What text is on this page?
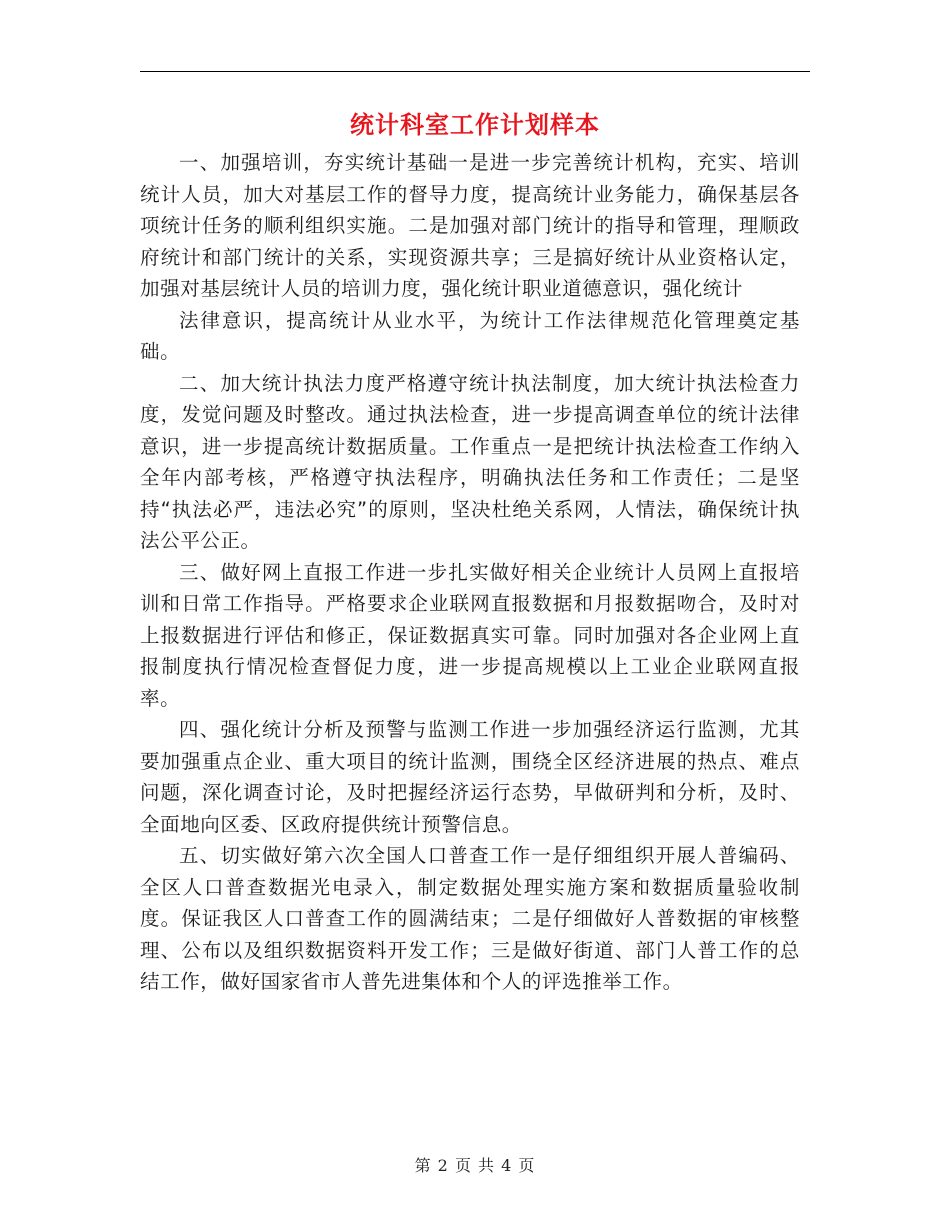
统计科室工作计划样本

一、加强培训，夯实统计基础一是进一步完善统计机构，充实、培训统计人员，加大对基层工作的督导力度，提高统计业务能力，确保基层各项统计任务的顺利组织实施。二是加强对部门统计的指导和管理，理顺政府统计和部门统计的关系，实现资源共享；三是搞好统计从业资格认定，加强对基层统计人员的培训力度，强化统计职业道德意识，强化统计

法律意识，提高统计从业水平，为统计工作法律规范化管理奠定基础。

二、加大统计执法力度严格遵守统计执法制度，加大统计执法检查力度，发觉问题及时整改。通过执法检查，进一步提高调查单位的统计法律意识，进一步提高统计数据质量。工作重点一是把统计执法检查工作纳入全年内部考核，严格遵守执法程序，明确执法任务和工作责任；二是坚持“执法必严，违法必究”的原则，坚决杜绝关系网，人情法，确保统计执法公平公正。

三、做好网上直报工作进一步扎实做好相关企业统计人员网上直报培训和日常工作指导。严格要求企业联网直报数据和月报数据吻合，及时对上报数据进行评估和修正，保证数据真实可靠。同时加强对各企业网上直报制度执行情况检查督促力度，进一步提高规模以上工业企业联网直报率。

四、强化统计分析及预警与监测工作进一步加强经济运行监测，尤其要加强重点企业、重大项目的统计监测，围绕全区经济进展的热点、难点问题，深化调查讨论，及时把握经济运行态势，早做研判和分析，及时、全面地向区委、区政府提供统计预警信息。

五、切实做好第六次全国人口普查工作一是仔细组织开展人普编码、全区人口普查数据光电录入，制定数据处理实施方案和数据质量验收制度。保证我区人口普查工作的圆满结束；二是仔细做好人普数据的审核整理、公布以及组织数据资料开发工作；三是做好街道、部门人普工作的总结工作，做好国家省市人普先进集体和个人的评选推举工作。

第 2 页 共 4 页
